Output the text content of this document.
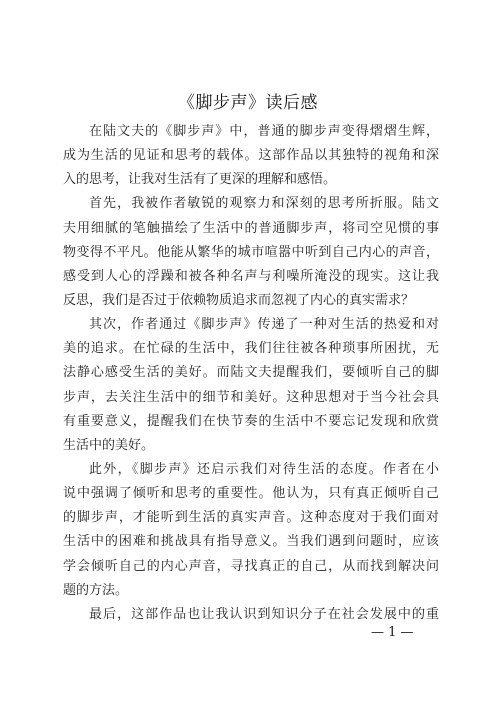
《脚步声》读后感
在陆文夫的《脚步声》中，普通的脚步声变得熠熠生辉，
成为生活的见证和思考的载体。这部作品以其独特的视角和深
入的思考，让我对生活有了更深的理解和感悟。
首先，我被作者敏锐的观察力和深刻的思考所折服。陆文
夫用细腻的笔触描绘了生活中的普通脚步声，将司空见惯的事
物变得不平凡。他能从繁华的城市喧嚣中听到自己内心的声音，
感受到人心的浮躁和被各种名声与利噪所淹没的现实。这让我
反思，我们是否过于依赖物质追求而忽视了内心的真实需求？
其次，作者通过《脚步声》传递了一种对生活的热爱和对
美的追求。在忙碌的生活中，我们往往被各种琐事所困扰，无
法静心感受生活的美好。而陆文夫提醒我们，要倾听自己的脚
步声，去关注生活中的细节和美好。这种思想对于当今社会具
有重要意义，提醒我们在快节奏的生活中不要忘记发现和欣赏
生活中的美好。
此外，《脚步声》还启示我们对待生活的态度。作者在小
说中强调了倾听和思考的重要性。他认为，只有真正倾听自己
的脚步声，才能听到生活的真实声音。这种态度对于我们面对
生活中的困难和挑战具有指导意义。当我们遇到问题时，应该
学会倾听自己的内心声音，寻找真正的自己，从而找到解决问
题的方法。
最后，这部作品也让我认识到知识分子在社会发展中的重
— 1 —
